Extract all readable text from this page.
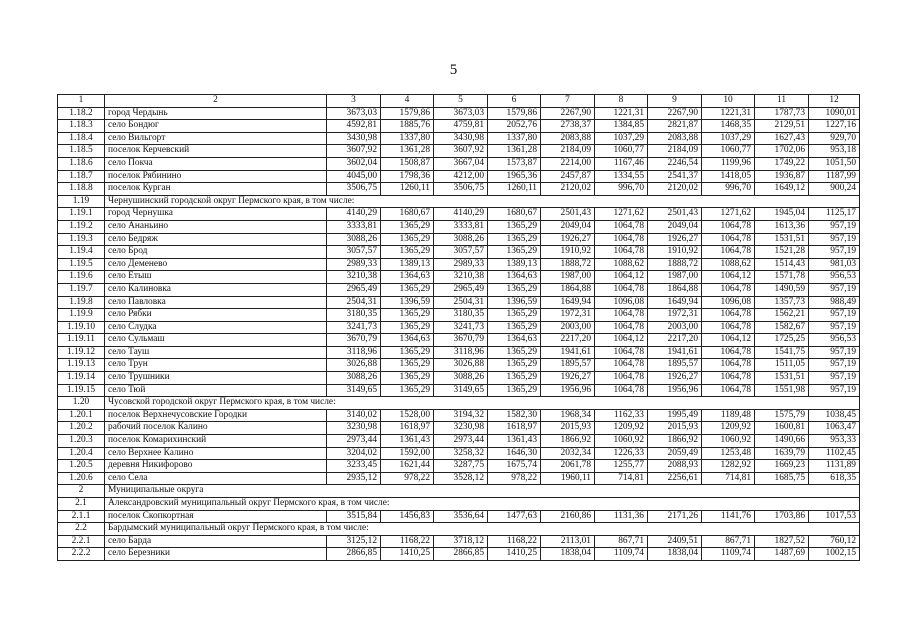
5
1	2	3	4	5	6	7	8	9	10	11	12
1.18.2	город Чердынь	3673,03	1579,86	3673,03	1579,86	2267,90	1221,31	2267,90	1221,31	1787,73	1090,01
1.18.3	село Бондюг	4592,81	1885,76	4759,81	2052,76	2738,37	1384,85	2821,87	1468,35	2129,51	1227,16
1.18.4	село Вильгорт	3430,98	1337,80	3430,98	1337,80	2083,88	1037,29	2083,88	1037,29	1627,43	929,70
1.18.5	поселок Керчевский	3607,92	1361,28	3607,92	1361,28	2184,09	1060,77	2184,09	1060,77	1702,06	953,18
1.18.6	село Покча	3602,04	1508,87	3667,04	1573,87	2214,00	1167,46	2246,54	1199,96	1749,22	1051,50
1.18.7	поселок Рябинино	4045,00	1798,36	4212,00	1965,36	2457,87	1334,55	2541,37	1418,05	1936,87	1187,99
1.18.8	поселок Курган	3506,75	1260,11	3506,75	1260,11	2120,02	996,70	2120,02	996,70	1649,12	900,24
1.19	Чернушинский городской округ Пермского края, в том числе:										
1.19.1	город Чернушка	4140,29	1680,67	4140,29	1680,67	2501,43	1271,62	2501,43	1271,62	1945,04	1125,17
1.19.2	село Ананьино	3333,81	1365,29	3333,81	1365,29	2049,04	1064,78	2049,04	1064,78	1613,36	957,19
1.19.3	село Бедряж	3088,26	1365,29	3088,26	1365,29	1926,27	1064,78	1926,27	1064,78	1531,51	957,19
1.19.4	село Брод	3057,57	1365,29	3057,57	1365,29	1910,92	1064,78	1910,92	1064,78	1521,28	957,19
1.19.5	село Деменево	2989,33	1389,13	2989,33	1389,13	1888,72	1088,62	1888,72	1088,62	1514,43	981,03
1.19.6	село Етыш	3210,38	1364,63	3210,38	1364,63	1987,00	1064,12	1987,00	1064,12	1571,78	956,53
1.19.7	село Калиновка	2965,49	1365,29	2965,49	1365,29	1864,88	1064,78	1864,88	1064,78	1490,59	957,19
1.19.8	село Павловка	2504,31	1396,59	2504,31	1396,59	1649,94	1096,08	1649,94	1096,08	1357,73	988,49
1.19.9	село Рябки	3180,35	1365,29	3180,35	1365,29	1972,31	1064,78	1972,31	1064,78	1562,21	957,19
1.19.10	село Слудка	3241,73	1365,29	3241,73	1365,29	2003,00	1064,78	2003,00	1064,78	1582,67	957,19
1.19.11	село Сульмаш	3670,79	1364,63	3670,79	1364,63	2217,20	1064,12	2217,20	1064,12	1725,25	956,53
1.19.12	село Тауш	3118,96	1365,29	3118,96	1365,29	1941,61	1064,78	1941,61	1064,78	1541,75	957,19
1.19.13	село Трун	3026,88	1365,29	3026,88	1365,29	1895,57	1064,78	1895,57	1064,78	1511,05	957,19
1.19.14	село Трушники	3088,26	1365,29	3088,26	1365,29	1926,27	1064,78	1926,27	1064,78	1531,51	957,19
1.19.15	село Тюй	3149,65	1365,29	3149,65	1365,29	1956,96	1064,78	1956,96	1064,78	1551,98	957,19
1.20	Чусовской городской округ Пермского края, в том числе:										
1.20.1	поселок Верхнечусовские Городки	3140,02	1528,00	3194,32	1582,30	1968,34	1162,33	1995,49	1189,48	1575,79	1038,45
1.20.2	рабочий поселок Калино	3230,98	1618,97	3230,98	1618,97	2015,93	1209,92	2015,93	1209,92	1600,81	1063,47
1.20.3	поселок Комарихинский	2973,44	1361,43	2973,44	1361,43	1866,92	1060,92	1866,92	1060,92	1490,66	953,33
1.20.4	село Верхнее Калино	3204,02	1592,00	3258,32	1646,30	2032,34	1226,33	2059,49	1253,48	1639,79	1102,45
1.20.5	деревня Никифорово	3233,45	1621,44	3287,75	1675,74	2061,78	1255,77	2088,93	1282,92	1669,23	1131,89
1.20.6	село Села	2935,12	978,22	3528,12	978,22	1960,11	714,81	2256,61	714,81	1685,75	618,35
2	Муниципальные округа										
2.1	Александровский муниципальный округ Пермского края, в том числе:										
2.1.1	поселок Скопкортная	3515,84	1456,83	3536,64	1477,63	2160,86	1131,36	2171,26	1141,76	1703,86	1017,53
2.2	Бардымский муниципальный округ Пермского края, в том числе:										
2.2.1	село Барда	3125,12	1168,22	3718,12	1168,22	2113,01	867,71	2409,51	867,71	1827,52	760,12
2.2.2	село Березники	2866,85	1410,25	2866,85	1410,25	1838,04	1109,74	1838,04	1109,74	1487,69	1002,15
